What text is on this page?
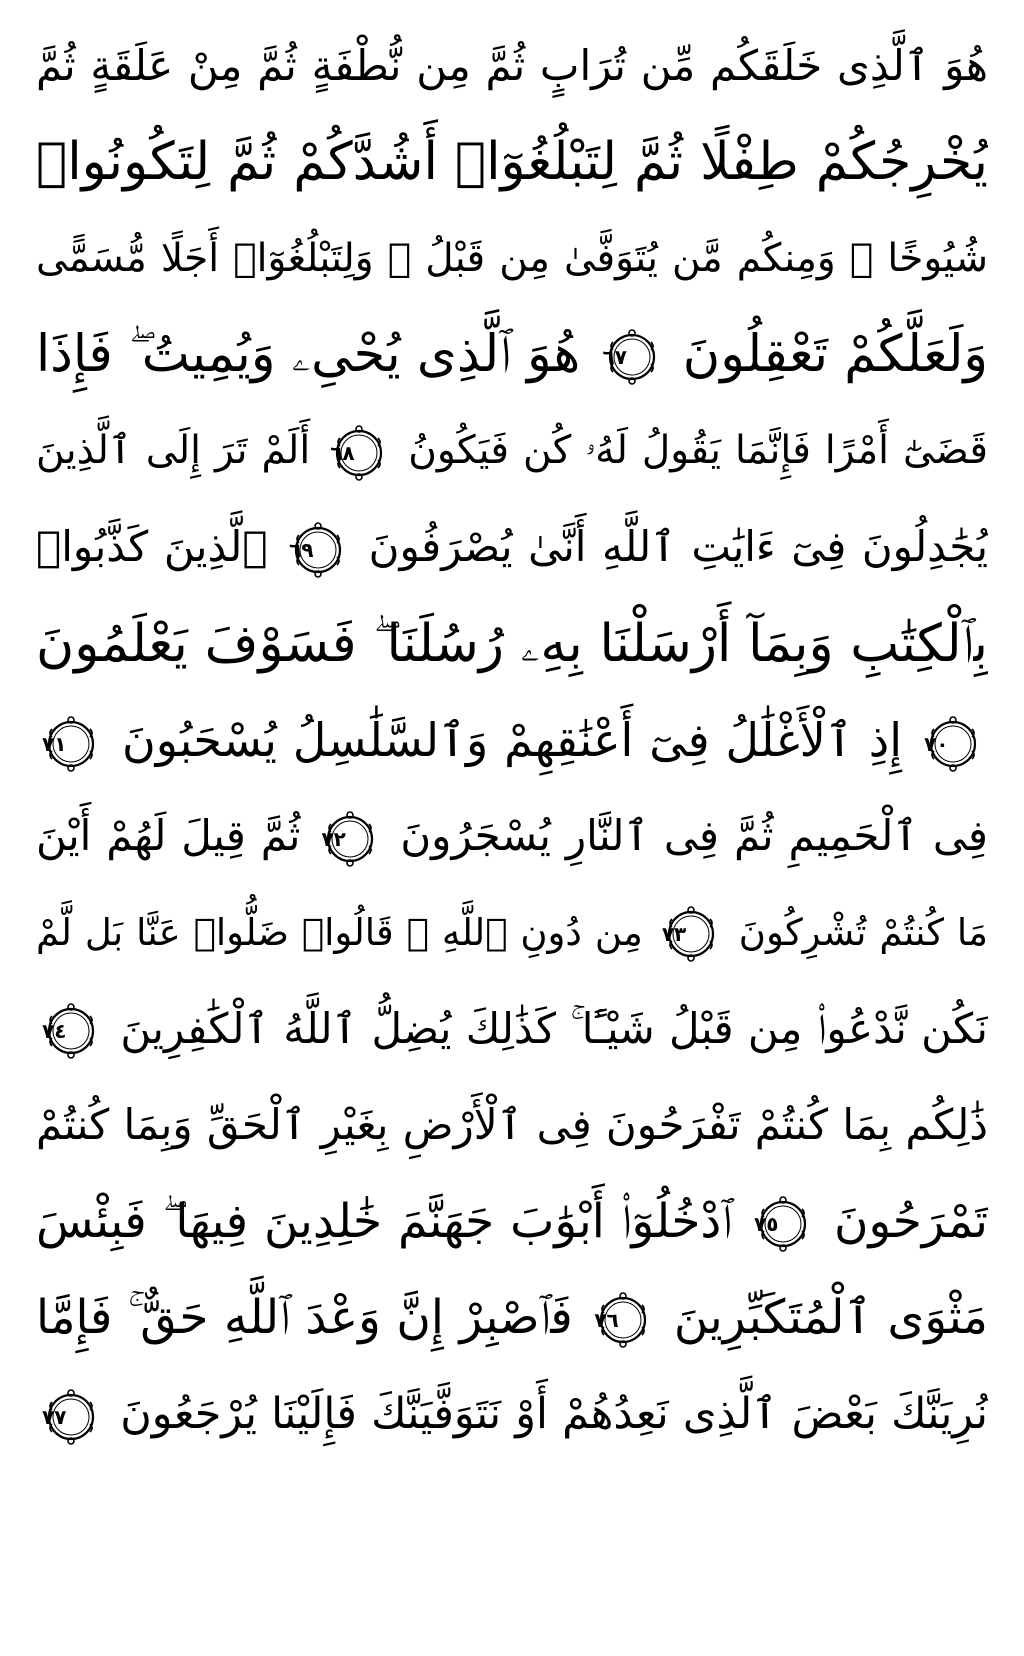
هُوَ ٱلَّذِى خَلَقَكُم مِّن تُرَابٍ ثُمَّ مِن نُّطْفَةٍ ثُمَّ مِنْ عَلَقَةٍ ثُمَّ
يُخْرِجُكُمْ طِفْلًا ثُمَّ لِتَبْلُغُوٓا۟ أَشُدَّكُمْ ثُمَّ لِتَكُونُوا۟
شُيُوخًا ۚ وَمِنكُم مَّن يُتَوَفَّىٰ مِن قَبْلُ ۖ وَلِتَبْلُغُوٓا۟ أَجَلًا مُّسَمًّى
وَلَعَلَّكُمْ تَعْقِلُونَ
٦٧
هُوَ ٱلَّذِى يُحْىِۦ وَيُمِيتُ ۖ فَإِذَا
قَضَىٰٓ أَمْرًا فَإِنَّمَا يَقُولُ لَهُۥ كُن فَيَكُونُ
٦٨
أَلَمْ تَرَ إِلَى ٱلَّذِينَ
يُجَٰدِلُونَ فِىٓ ءَايَٰتِ ٱللَّهِ أَنَّىٰ يُصْرَفُونَ
٦٩
ٱلَّذِينَ كَذَّبُوا۟
بِٱلْكِتَٰبِ وَبِمَآ أَرْسَلْنَا بِهِۦ رُسُلَنَا ۖ فَسَوْفَ يَعْلَمُونَ
٧٠
إِذِ ٱلْأَغْلَٰلُ فِىٓ أَعْنَٰقِهِمْ وَٱلسَّلَٰسِلُ يُسْحَبُونَ
٧١
فِى ٱلْحَمِيمِ ثُمَّ فِى ٱلنَّارِ يُسْجَرُونَ
٧٢
ثُمَّ قِيلَ لَهُمْ أَيْنَ
مَا كُنتُمْ تُشْرِكُونَ
٧٣
مِن دُونِ ٱللَّهِ ۖ قَالُوا۟ ضَلُّوا۟ عَنَّا بَل لَّمْ
نَكُن نَّدْعُوا۟ مِن قَبْلُ شَيْـًٔا ۚ كَذَٰلِكَ يُضِلُّ ٱللَّهُ ٱلْكَٰفِرِينَ
٧٤
ذَٰلِكُم بِمَا كُنتُمْ تَفْرَحُونَ فِى ٱلْأَرْضِ بِغَيْرِ ٱلْحَقِّ وَبِمَا كُنتُمْ
تَمْرَحُونَ
٧٥
ٱدْخُلُوٓا۟ أَبْوَٰبَ جَهَنَّمَ خَٰلِدِينَ فِيهَا ۖ فَبِئْسَ
مَثْوَى ٱلْمُتَكَبِّرِينَ
٧٦
فَٱصْبِرْ إِنَّ وَعْدَ ٱللَّهِ حَقٌّ ۚ فَإِمَّا
نُرِيَنَّكَ بَعْضَ ٱلَّذِى نَعِدُهُمْ أَوْ نَتَوَفَّيَنَّكَ فَإِلَيْنَا يُرْجَعُونَ
٧٧
